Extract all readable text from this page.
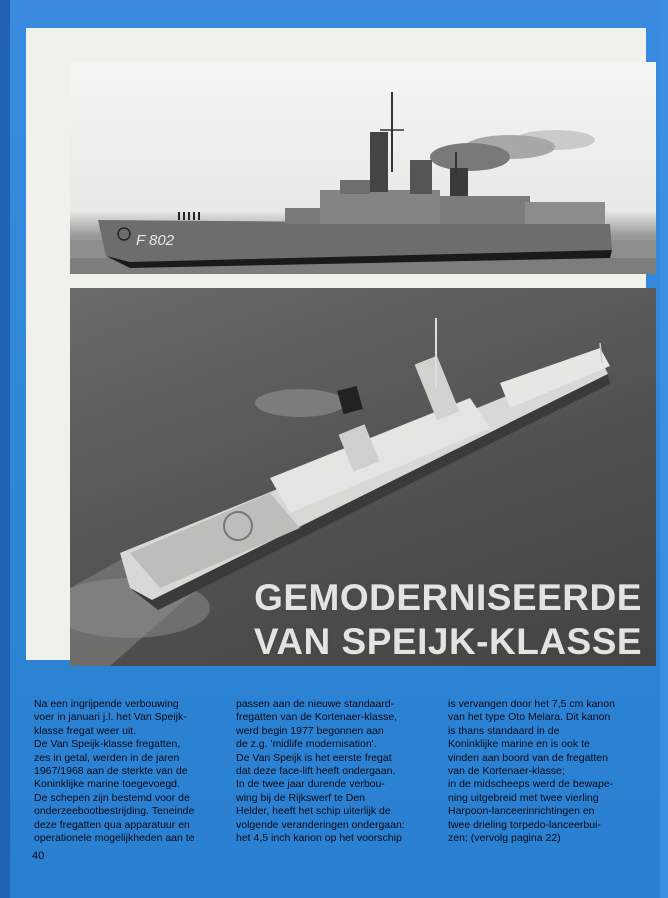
F 802
GEMODERNISEERDE
VAN SPEIJK-KLASSE

Na een ingrijpende verbouwing

voer in januari j.l. het Van Speijk-

klasse fregat weer uit.

De Van Speijk-klasse fregatten,

zes in getal, werden in de jaren

1967/1968 aan de sterkte van de

Koninklijke marine toegevoegd.

De schepen zijn bestemd voor de

onderzeebootbestrijding. Teneinde

deze fregatten qua apparatuur en

operationele mogelijkheden aan te

passen aan de nieuwe standaard-

fregatten van de Kortenaer-klasse,

werd begin 1977 begonnen aan

de z.g. 'midlife modernisation'.

De Van Speijk is het eerste fregat

dat deze face-lift heeft ondergaan.

In de twee jaar durende verbou-

wing bij de Rijkswerf te Den

Helder, heeft het schip uiterlijk de

volgende veranderingen ondergaan:

het 4,5 inch kanon op het voorschip

is vervangen door het 7,5 cm kanon

van het type Oto Melara. Dit kanon

is thans standaard in de

Koninklijke marine en is ook te

vinden aan boord van de fregatten

van de Kortenaer-klasse;

in de midscheeps werd de bewape-

ning uitgebreid met twee vierling

Harpoon-lanceerinrichtingen en

twee drieling torpedo-lanceerbui-

zen; (vervolg pagina 22)

40
